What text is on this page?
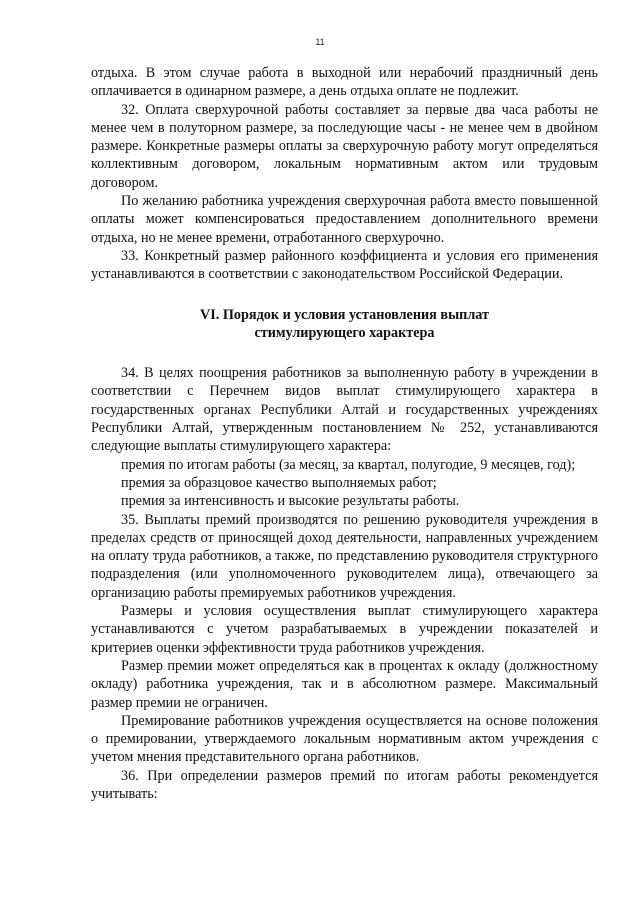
11

отдыха. В этом случае работа в выходной или нерабочий праздничный день оплачивается в одинарном размере, а день отдыха оплате не подлежит.

32. Оплата сверхурочной работы составляет за первые два часа работы не менее чем в полуторном размере, за последующие часы - не менее чем в двойном размере. Конкретные размеры оплаты за сверхурочную работу могут определяться коллективным договором, локальным нормативным актом или трудовым договором.

По желанию работника учреждения сверхурочная работа вместо повышенной оплаты может компенсироваться предоставлением дополнительного времени отдыха, но не менее времени, отработанного сверхурочно.

33. Конкретный размер районного коэффициента и условия его применения устанавливаются в соответствии с законодательством Российской Федерации.

VI. Порядок и условия установления выплат
стимулирующего характера

34. В целях поощрения работников за выполненную работу в учреждении в соответствии с Перечнем видов выплат стимулирующего характера в государственных органах Республики Алтай и государственных учреждениях Республики Алтай, утвержденным постановлением № 252, устанавливаются следующие выплаты стимулирующего характера:

премия по итогам работы (за месяц, за квартал, полугодие, 9 месяцев, год);

премия за образцовое качество выполняемых работ;

премия за интенсивность и высокие результаты работы.

35. Выплаты премий производятся по решению руководителя учреждения в пределах средств от приносящей доход деятельности, направленных учреждением на оплату труда работников, а также, по представлению руководителя структурного подразделения (или уполномоченного руководителем лица), отвечающего за организацию работы премируемых работников учреждения.

Размеры и условия осуществления выплат стимулирующего характера устанавливаются с учетом разрабатываемых в учреждении показателей и критериев оценки эффективности труда работников учреждения.

Размер премии может определяться как в процентах к окладу (должностному окладу) работника учреждения, так и в абсолютном размере. Максимальный размер премии не ограничен.

Премирование работников учреждения осуществляется на основе положения о премировании, утверждаемого локальным нормативным актом учреждения с учетом мнения представительного органа работников.

36. При определении размеров премий по итогам работы рекомендуется учитывать:
